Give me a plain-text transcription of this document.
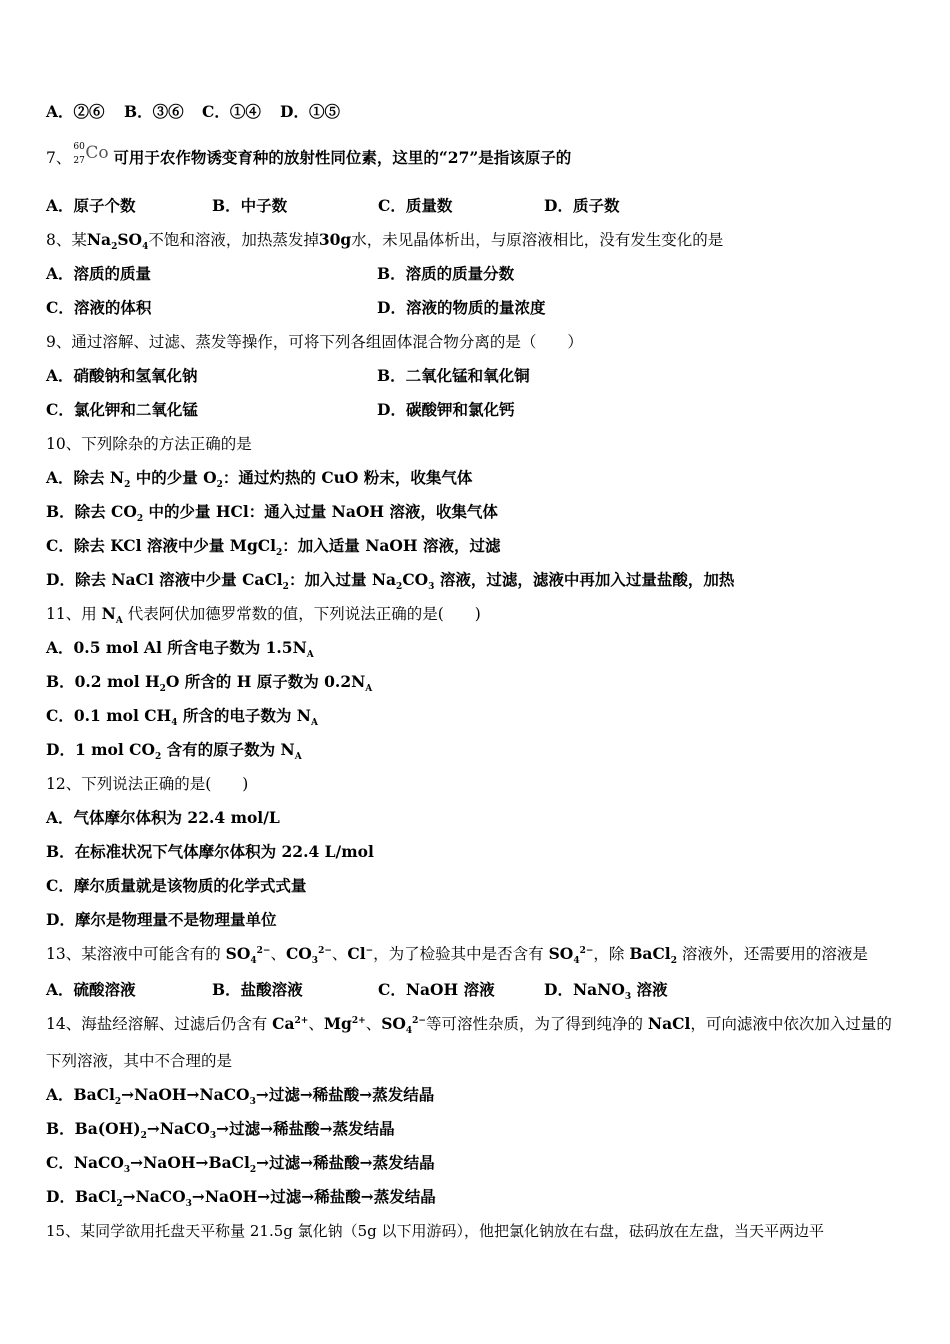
A．②⑥ B．③⑥ C．①④ D．①⑤
7、
60
27 Co 可用于农作物诱变育种的放射性同位素，这里的“27”是指该原子的
A．原子个数	B．中子数	C．质量数	D．质子数
8、某$Na_2SO_4$不饱和溶液，加热蒸发掉30g水，未见晶体析出，与原溶液相比，没有发生变化的是
A．溶质的质量	B．溶质的质量分数
C．溶液的体积	D．溶液的物质的量浓度
9、通过溶解、过滤、蒸发等操作，可将下列各组固体混合物分离的是（　　）
A．硝酸钠和氢氧化钠	B．二氧化锰和氧化铜
C．氯化钾和二氧化锰	D．碳酸钾和氯化钙
10、下列除杂的方法正确的是
A．除去 $N_2$ 中的少量 $O_2$：通过灼热的 CuO 粉末，收集气体
B．除去 $CO_2$ 中的少量 HCl：通入过量 NaOH 溶液，收集气体
C．除去 KCl 溶液中少量 MgCl$_2$：加入适量 NaOH 溶液，过滤
D．除去 NaCl 溶液中少量 CaCl$_2$：加入过量 $Na_2CO_3$ 溶液，过滤，滤液中再加入过量盐酸，加热
11、用 $N_A$ 代表阿伏加德罗常数的值，下列说法正确的是(　　)
A．0.5 mol Al 所含电子数为 $1.5N_A$
B．0.2 mol $H_2O$ 所含的 H 原子数为 $0.2N_A$
C．0.1 mol $CH_4$ 所含的电子数为 $N_A$
D．1 mol $CO_2$ 含有的原子数为 $N_A$
12、下列说法正确的是(　　)
A．气体摩尔体积为 22.4 mol/L
B．在标准状况下气体摩尔体积为 22.4 L/mol
C．摩尔质量就是该物质的化学式式量
D．摩尔是物理量不是物理量单位
13、某溶液中可能含有的 $SO_4^{2-}$、$CO_3^{2-}$、Cl−，为了检验其中是否含有 $SO_4^{2-}$，除 BaCl$_2$ 溶液外，还需要用的溶液是
A．硫酸溶液	B．盐酸溶液	C．NaOH 溶液	D．NaNO$_3$ 溶液
14、海盐经溶解、过滤后仍含有 $Ca^{2+}$、$Mg^{2+}$、$SO_4^{2-}$等可溶性杂质，为了得到纯净的 NaCl，可向滤液中依次加入过量的
下列溶液，其中不合理的是
A．BaCl$_2$→NaOH→NaCO$_3$→过滤→稀盐酸→蒸发结晶
B．$Ba(OH)_2\to NaCO_3\to$过滤→稀盐酸→蒸发结晶
C．NaCO$_3$→NaOH→BaCl$_2$→过滤→稀盐酸→蒸发结晶
D．BaCl$_2$→NaCO$_3$→NaOH→过滤→稀盐酸→蒸发结晶
15、某同学欲用托盘天平称量 21.5g 氯化钠（5g 以下用游码），他把氯化钠放在右盘，砝码放在左盘，当天平两边平
